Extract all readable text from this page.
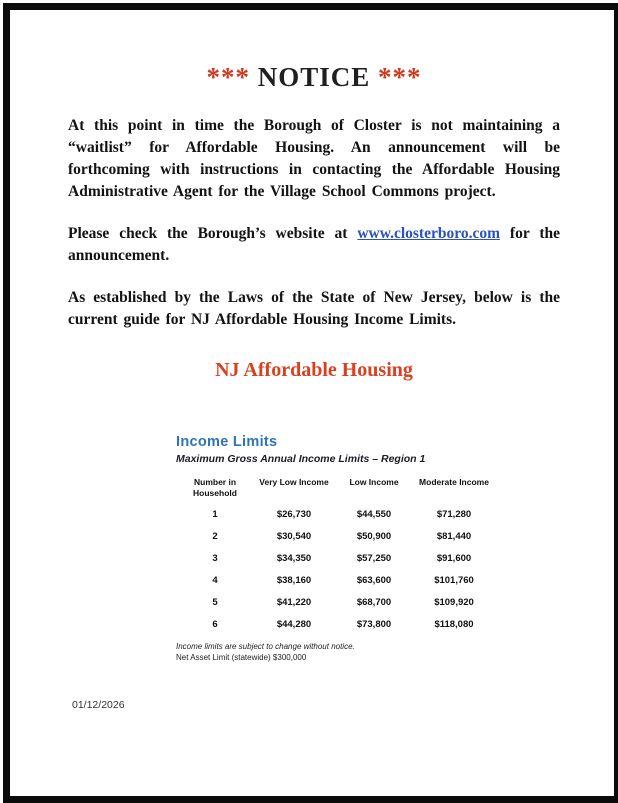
*** NOTICE ***

At this point in time the Borough of Closter is not maintaining a “waitlist” for Affordable Housing. An announcement will be forthcoming with instructions in contacting the Affordable Housing Administrative Agent for the Village School Commons project.

Please check the Borough’s website at www.closterboro.com for the announcement.

As established by the Laws of the State of New Jersey, below is the current guide for NJ Affordable Housing Income Limits.

NJ Affordable Housing
Income Limits
Maximum Gross Annual Income Limits – Region 1
Number in Household	Very Low Income	Low Income	Moderate Income
1	$26,730	$44,550	$71,280
2	$30,540	$50,900	$81,440
3	$34,350	$57,250	$91,600
4	$38,160	$63,600	$101,760
5	$41,220	$68,700	$109,920
6	$44,280	$73,800	$118,080
Income limits are subject to change without notice.
Net Asset Limit (statewide) $300,000
01/12/2026
